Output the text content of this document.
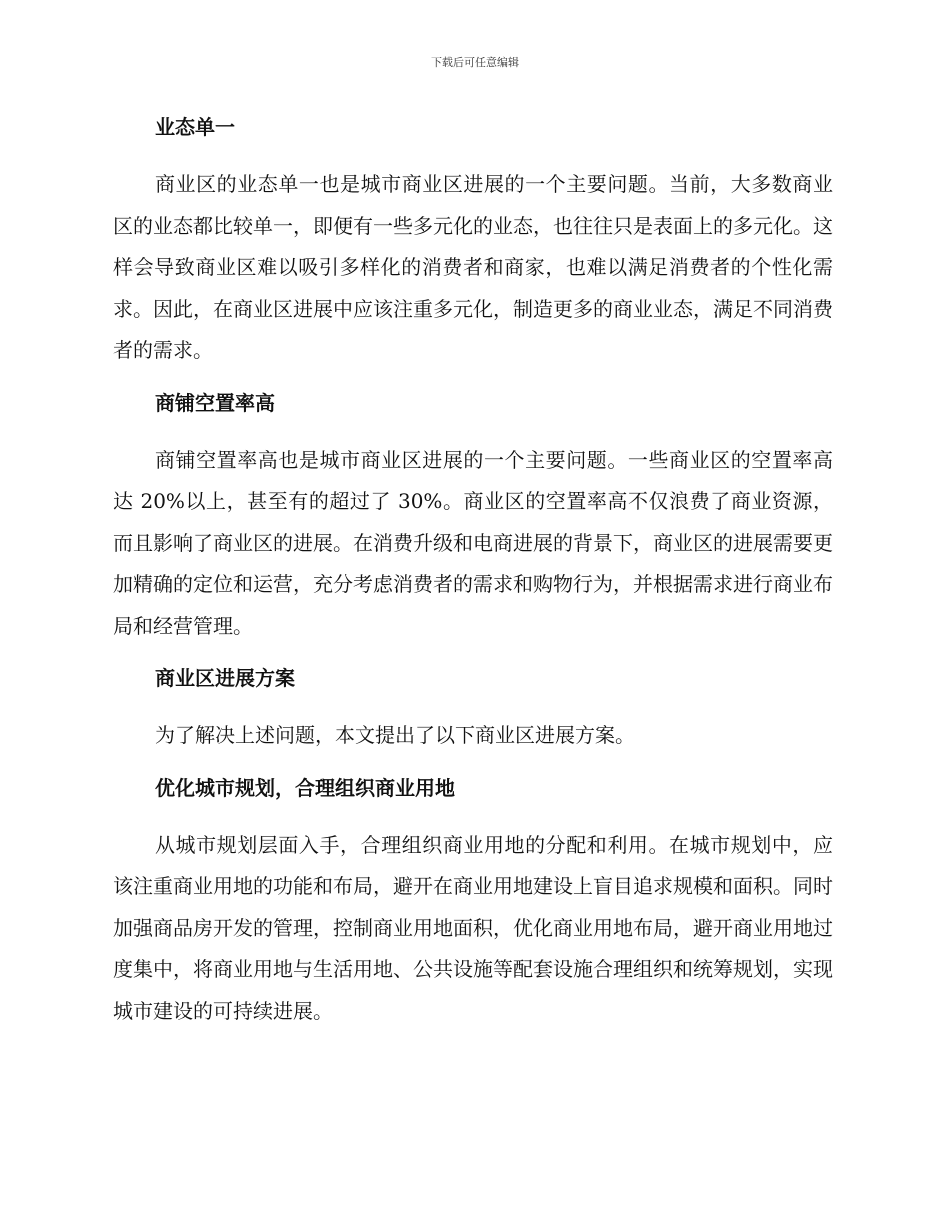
下载后可任意编辑
业态单一

商业区的业态单一也是城市商业区进展的一个主要问题。当前，大多数商业区的业态都比较单一，即便有一些多元化的业态，也往往只是表面上的多元化。这样会导致商业区难以吸引多样化的消费者和商家，也难以满足消费者的个性化需求。因此，在商业区进展中应该注重多元化，制造更多的商业业态，满足不同消费者的需求。

商铺空置率高

商铺空置率高也是城市商业区进展的一个主要问题。一些商业区的空置率高达 20%以上，甚至有的超过了 30%。商业区的空置率高不仅浪费了商业资源，而且影响了商业区的进展。在消费升级和电商进展的背景下，商业区的进展需要更加精确的定位和运营，充分考虑消费者的需求和购物行为，并根据需求进行商业布局和经营管理。

商业区进展方案

为了解决上述问题，本文提出了以下商业区进展方案。

优化城市规划，合理组织商业用地

从城市规划层面入手，合理组织商业用地的分配和利用。在城市规划中，应该注重商业用地的功能和布局，避开在商业用地建设上盲目追求规模和面积。同时加强商品房开发的管理，控制商业用地面积，优化商业用地布局，避开商业用地过度集中，将商业用地与生活用地、公共设施等配套设施合理组织和统筹规划，实现城市建设的可持续进展。
